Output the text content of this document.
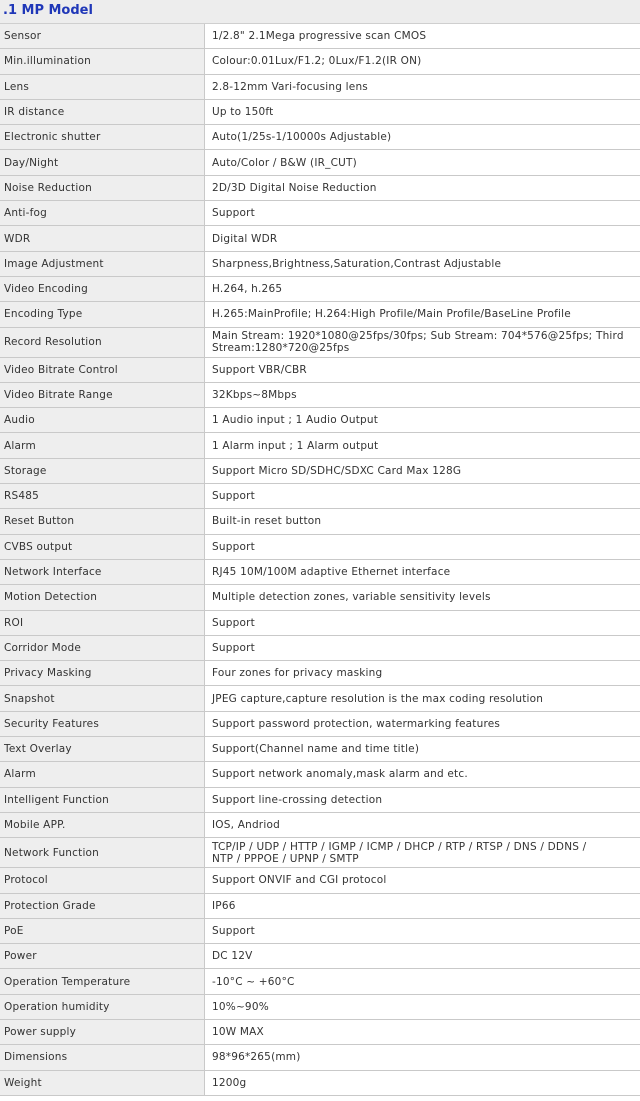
.1 MP Model
Sensor	1/2.8" 2.1Mega progressive scan CMOS
Min.illumination	Colour:0.01Lux/F1.2; 0Lux/F1.2(IR ON)
Lens	2.8-12mm Vari-focusing lens
IR distance	Up to 150ft
Electronic shutter	Auto(1/25s-1/10000s Adjustable)
Day/Night	Auto/Color / B&W (IR_CUT)
Noise Reduction	2D/3D Digital Noise Reduction
Anti-fog	Support
WDR	Digital WDR
Image Adjustment	Sharpness,Brightness,Saturation,Contrast Adjustable
Video Encoding	H.264, h.265
Encoding Type	H.265:MainProfile; H.264:High Profile/Main Profile/BaseLine Profile
Record Resolution	Main Stream: 1920*1080@25fps/30fps; Sub Stream: 704*576@25fps; Third
Stream:1280*720@25fps
Video Bitrate Control	Support VBR/CBR
Video Bitrate Range	32Kbps~8Mbps
Audio	1 Audio input ; 1 Audio Output
Alarm	1 Alarm input ; 1 Alarm output
Storage	Support Micro SD/SDHC/SDXC Card Max 128G
RS485	Support
Reset Button	Built-in reset button
CVBS output	Support
Network Interface	RJ45 10M/100M adaptive Ethernet interface
Motion Detection	Multiple detection zones, variable sensitivity levels
ROI	Support
Corridor Mode	Support
Privacy Masking	Four zones for privacy masking
Snapshot	JPEG capture,capture resolution is the max coding resolution
Security Features	Support password protection, watermarking features
Text Overlay	Support(Channel name and time title)
Alarm	Support network anomaly,mask alarm and etc.
Intelligent Function	Support line-crossing detection
Mobile APP.	IOS, Andriod
Network Function	TCP/IP / UDP / HTTP / IGMP / ICMP / DHCP / RTP / RTSP / DNS / DDNS /
NTP / PPPOE / UPNP / SMTP
Protocol	Support ONVIF and CGI protocol
Protection Grade	IP66
PoE	Support
Power	DC 12V
Operation Temperature	-10°C ~ +60°C
Operation humidity	10%~90%
Power supply	10W MAX
Dimensions	98*96*265(mm)
Weight	1200g
